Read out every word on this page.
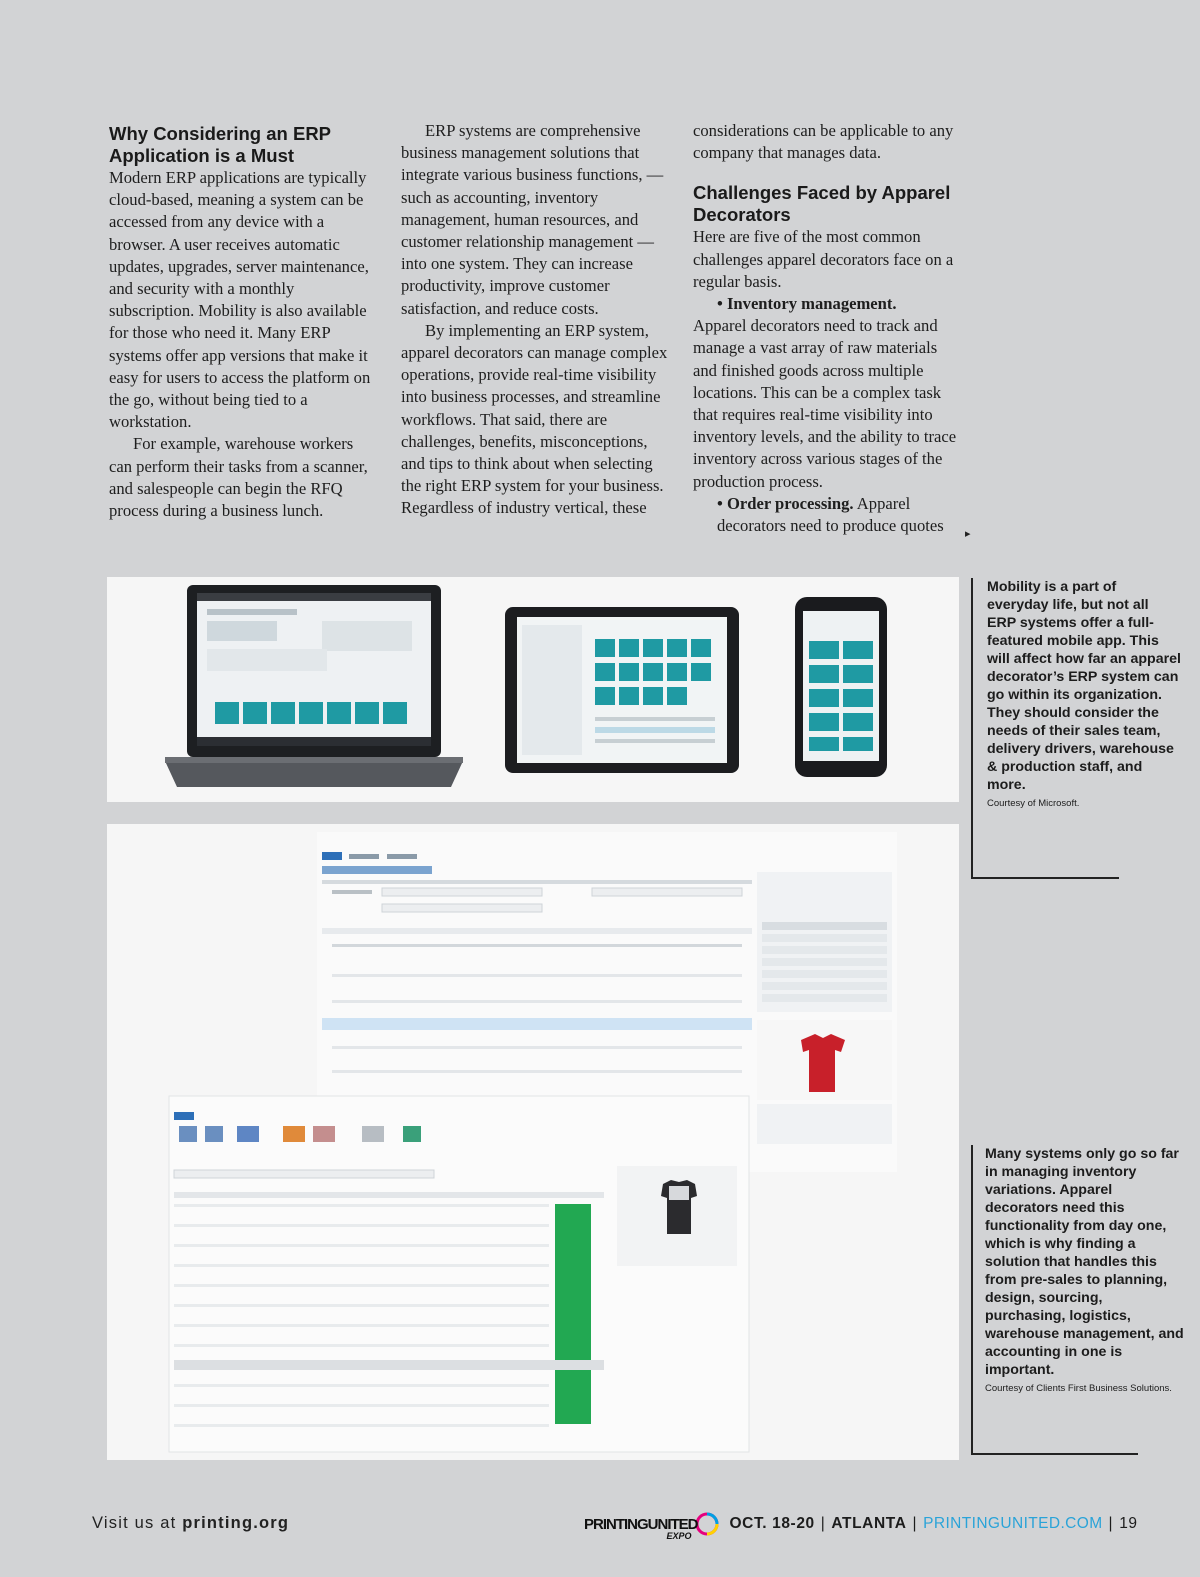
Why Considering an ERP Application is a Must

Modern ERP applications are typically cloud-based, meaning a system can be accessed from any device with a browser. A user receives automatic updates, upgrades, server maintenance, and security with a monthly subscription. Mobility is also available for those who need it. Many ERP systems offer app versions that make it easy for users to access the platform on the go, without being tied to a workstation.

For example, warehouse workers can perform their tasks from a scanner, and salespeople can begin the RFQ process during a business lunch.

ERP systems are comprehensive business management solutions that integrate various business functions, — such as accounting, inventory management, human resources, and customer relationship management — into one system. They can increase productivity, improve customer satisfaction, and reduce costs.

By implementing an ERP system, apparel decorators can manage complex operations, provide real-time visibility into business processes, and streamline workflows. That said, there are challenges, benefits, misconceptions, and tips to think about when selecting the right ERP system for your business. Regardless of industry vertical, these

considerations can be applicable to any company that manages data.

Challenges Faced by Apparel Decorators

Here are five of the most common challenges apparel decorators face on a regular basis.

• Inventory management.

Apparel decorators need to track and manage a vast array of raw materials and finished goods across multiple locations. This can be a complex task that requires real-time visibility into inventory levels, and the ability to trace inventory across various stages of the production process.

• Order processing. Apparel decorators need to produce quotes	▸
Mobility is a part of everyday life, but not all ERP systems offer a full-featured mobile app. This will affect how far an apparel decorator’s ERP system can go within its organization. They should consider the needs of their sales team, delivery drivers, warehouse & production staff, and more.
Courtesy of Microsoft.
Many systems only go so far in managing inventory variations. Apparel decorators need this functionality from day one, which is why finding a solution that handles this from pre-sales to planning, design, sourcing, purchasing, logistics, warehouse management, and accounting in one is important.
Courtesy of Clients First Business Solutions.
Visit us at printing.org	PRINTINGUNITED
EXPO
OCT. 18-20 | ATLANTA | PRINTINGUNITED.COM | 19
